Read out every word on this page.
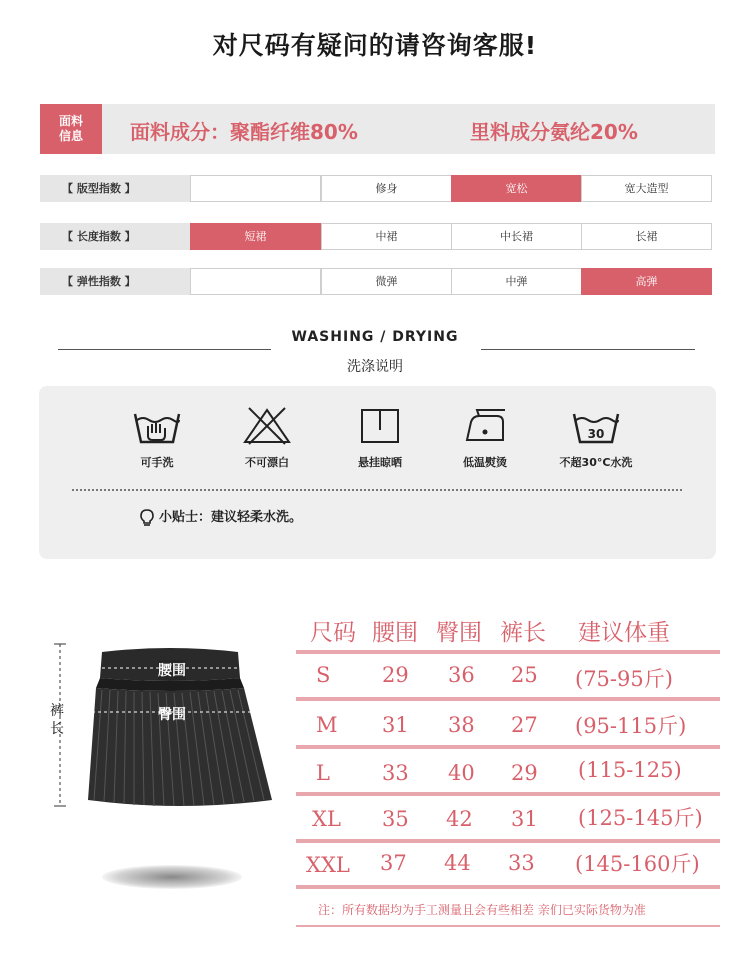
对尺码有疑问的请咨询客服!
面料
信息	面料成分：聚酯纤维80%	里料成分氨纶20%
【 版型指数 】	修身	宽松	宽大造型
【 长度指数 】	短裙	中裙	中长裙	长裙
【 弹性指数 】	微弹	中弹	高弹
WASHING / DRYING
洗涤说明
可手洗	不可漂白	悬挂晾晒	低温熨烫
30
不超30°C水洗
小贴士：建议轻柔水洗。
腰围
臀围
裤
长
尺码 腰围 臀围 裤长 建议体重
S 29 36 25 (75-95斤)
M 31 38 27 (95-115斤)
L 33 40 29 (115-125)
XL 35 42 31 (125-145斤)
XXL 37 44 33 (145-160斤)
注：所有数据均为手工测量且会有些相差 亲们已实际货物为准
